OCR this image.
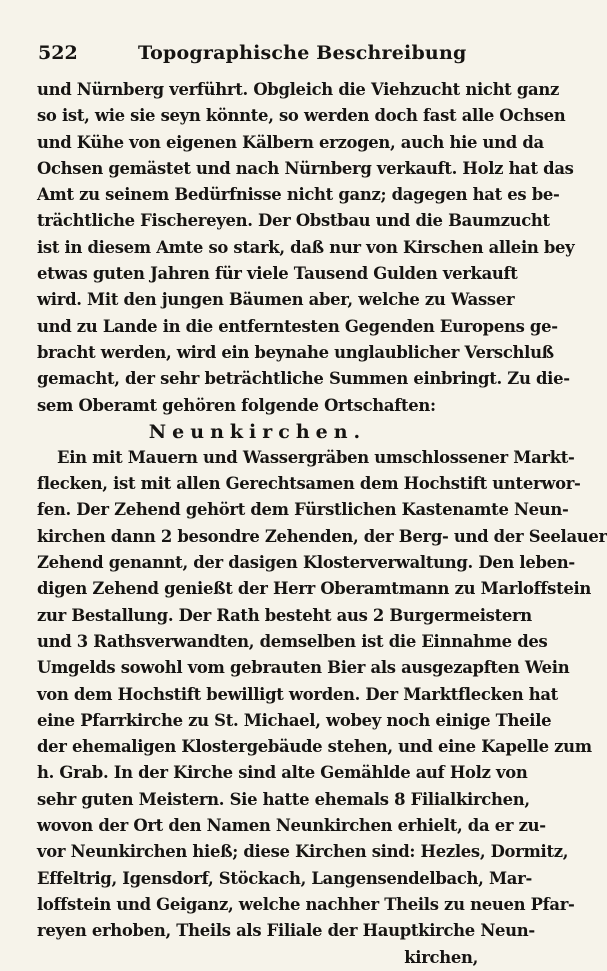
522	Topographische Beschreibung
und Nürnberg verführt. Obgleich die Viehzucht nicht ganz
so ist, wie sie seyn könnte, so werden doch fast alle Ochsen
und Kühe von eigenen Kälbern erzogen, auch hie und da
Ochsen gemästet und nach Nürnberg verkauft. Holz hat das
Amt zu seinem Bedürfnisse nicht ganz; dagegen hat es be-
trächtliche Fischereyen. Der Obstbau und die Baumzucht
ist in diesem Amte so stark, daß nur von Kirschen allein bey
etwas guten Jahren für viele Tausend Gulden verkauft
wird. Mit den jungen Bäumen aber, welche zu Wasser
und zu Lande in die entferntesten Gegenden Europens ge-
bracht werden, wird ein beynahe unglaublicher Verschluß
gemacht, der sehr beträchtliche Summen einbringt. Zu die-
sem Oberamt gehören folgende Ortschaften:
Neunkirchen.
Ein mit Mauern und Wassergräben umschlossener Markt-
flecken, ist mit allen Gerechtsamen dem Hochstift unterwor-
fen. Der Zehend gehört dem Fürstlichen Kastenamte Neun-
kirchen dann 2 besondre Zehenden, der Berg- und der Seelauer
Zehend genannt, der dasigen Klosterverwaltung. Den leben-
digen Zehend genießt der Herr Oberamtmann zu Marloffstein
zur Bestallung. Der Rath besteht aus 2 Burgermeistern
und 3 Rathsverwandten, demselben ist die Einnahme des
Umgelds sowohl vom gebrauten Bier als ausgezapften Wein
von dem Hochstift bewilligt worden. Der Marktflecken hat
eine Pfarrkirche zu St. Michael, wobey noch einige Theile
der ehemaligen Klostergebäude stehen, und eine Kapelle zum
h. Grab. In der Kirche sind alte Gemählde auf Holz von
sehr guten Meistern. Sie hatte ehemals 8 Filialkirchen,
wovon der Ort den Namen Neunkirchen erhielt, da er zu-
vor Neunkirchen hieß; diese Kirchen sind: Hezles, Dormitz,
Effeltrig, Igensdorf, Stöckach, Langensendelbach, Mar-
loffstein und Geiganz, welche nachher Theils zu neuen Pfar-
reyen erhoben, Theils als Filiale der Hauptkirche Neun-
kirchen,
